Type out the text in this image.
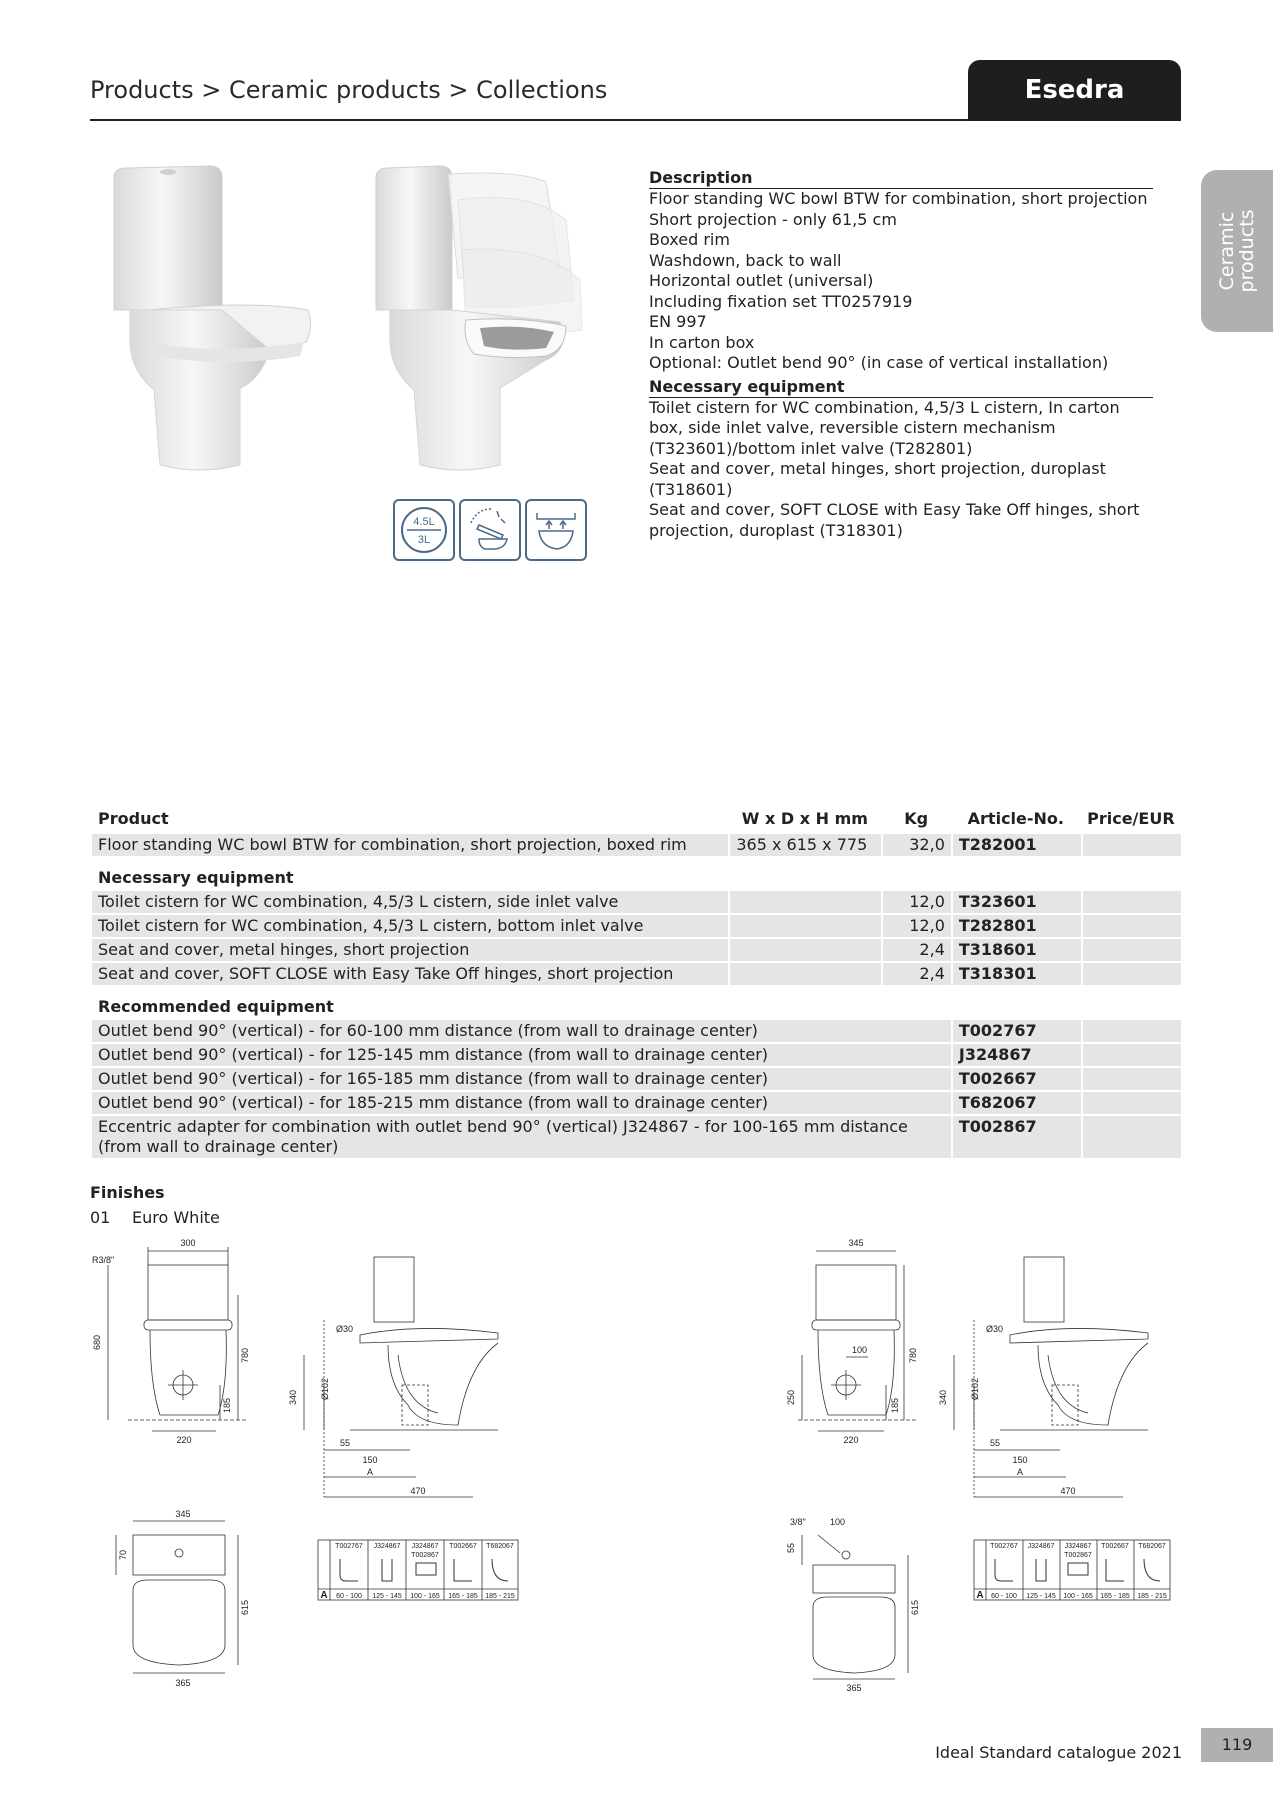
Products > Ceramic products > Collections	Esedra
Ceramic
products
4.5L
3L
Description

Floor standing WC bowl BTW for combination, short projection

Short projection - only 61,5 cm

Boxed rim

Washdown, back to wall

Horizontal outlet (universal)

Including fixation set TT0257919

EN 997

In carton box

Optional: Outlet bend 90° (in case of vertical installation)

Necessary equipment

Toilet cistern for WC combination, 4,5/3 L cistern, In carton box, side inlet valve, reversible cistern mechanism (T323601)/bottom inlet valve (T282801)

Seat and cover, metal hinges, short projection, duroplast (T318601)

Seat and cover, SOFT CLOSE with Easy Take Off hinges, short projection, duroplast (T318301)

Product	W x D x H mm	Kg	Article-No.	Price/EUR
Floor standing WC bowl BTW for combination, short projection, boxed rim	365 x 615 x 775	32,0	T282001	
Necessary equipment				
Toilet cistern for WC combination, 4,5/3 L cistern, side inlet valve		12,0	T323601	
Toilet cistern for WC combination, 4,5/3 L cistern, bottom inlet valve		12,0	T282801	
Seat and cover, metal hinges, short projection		2,4	T318601	
Seat and cover, SOFT CLOSE with Easy Take Off hinges, short projection		2,4	T318301	
Recommended equipment				
Outlet bend 90° (vertical) - for 60-100 mm distance (from wall to drainage center)			T002767	
Outlet bend 90° (vertical) - for 125-145 mm distance (from wall to drainage center)			J324867	
Outlet bend 90° (vertical) - for 165-185 mm distance (from wall to drainage center)			T002667	
Outlet bend 90° (vertical) - for 185-215 mm distance (from wall to drainage center)			T682067	
Eccentric adapter for combination with outlet bend 90° (vertical) J324867 - for 100-165 mm distance (from wall to drainage center)			T002867	
Finishes
01 Euro White
300
R3/8"
680
780
185
220
Ø30
Ø102
340
55
150
A
470
345
70
615
365
T002767 J324867 J324867
T002867
T002667 T682067
A 60 - 100 125 - 145 100 - 165 165 - 185 185 - 215
345
780
100
250
185
220
Ø30
Ø102
340
55
150
A
470
3/8"	100
55
615
365
T002767 J324867 J324867
T002867
T002667 T682067
A 60 - 100 125 - 145 100 - 165 165 - 185 185 - 215
Ideal Standard catalogue 2021	119
